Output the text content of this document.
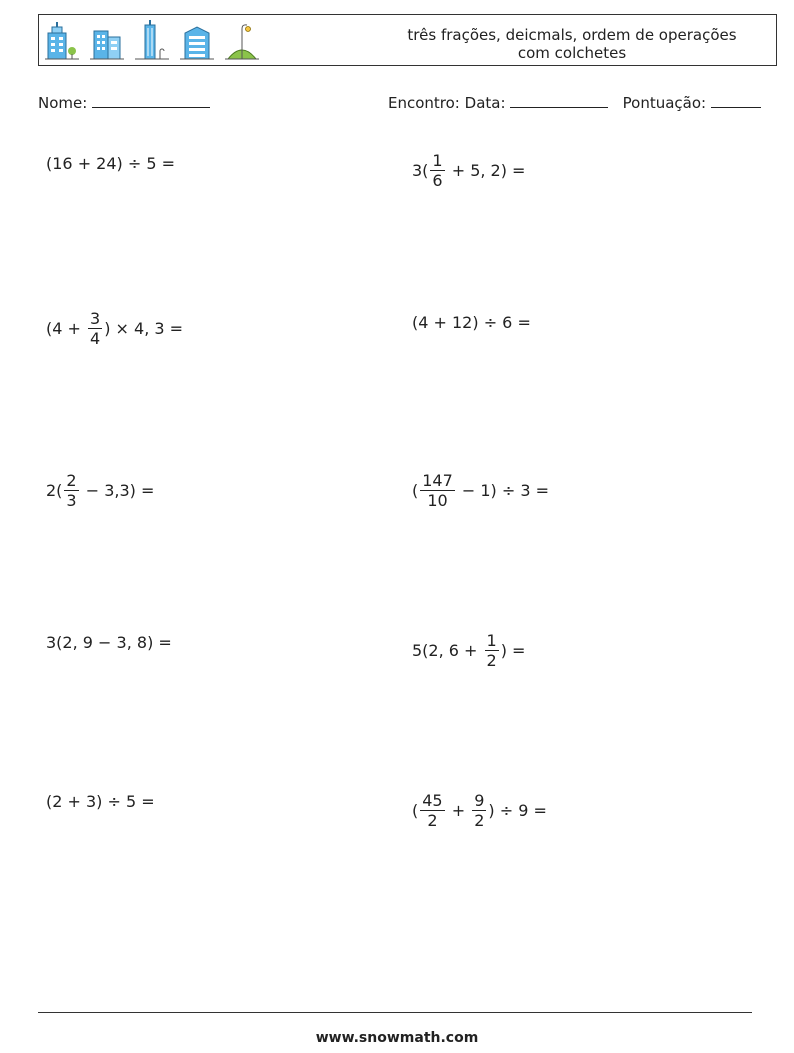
três frações, deicmals, ordem de operações
com colchetes
Nome:	Encontro: Data:	Pontuação:
(16 + 24) ÷ 5 =	$3( \frac{1}{6} + 5$, 2) =
($4 + \frac{3}{4}$ ) × 4, 3 =	(4 + 12) ÷ 6 =
$2( \frac{2}{3} - 3,3)$ =	( $\frac{147}{10} - 1) \div 3$ =
3(2, 9 − 3, 8) =	5(2, $6 + \frac{1}{2}$ ) =
(2 + 3) ÷ 5 =	( $\frac{45}{2} + \frac{9}{2}$ ) ÷ 9 =
www.snowmath.com
